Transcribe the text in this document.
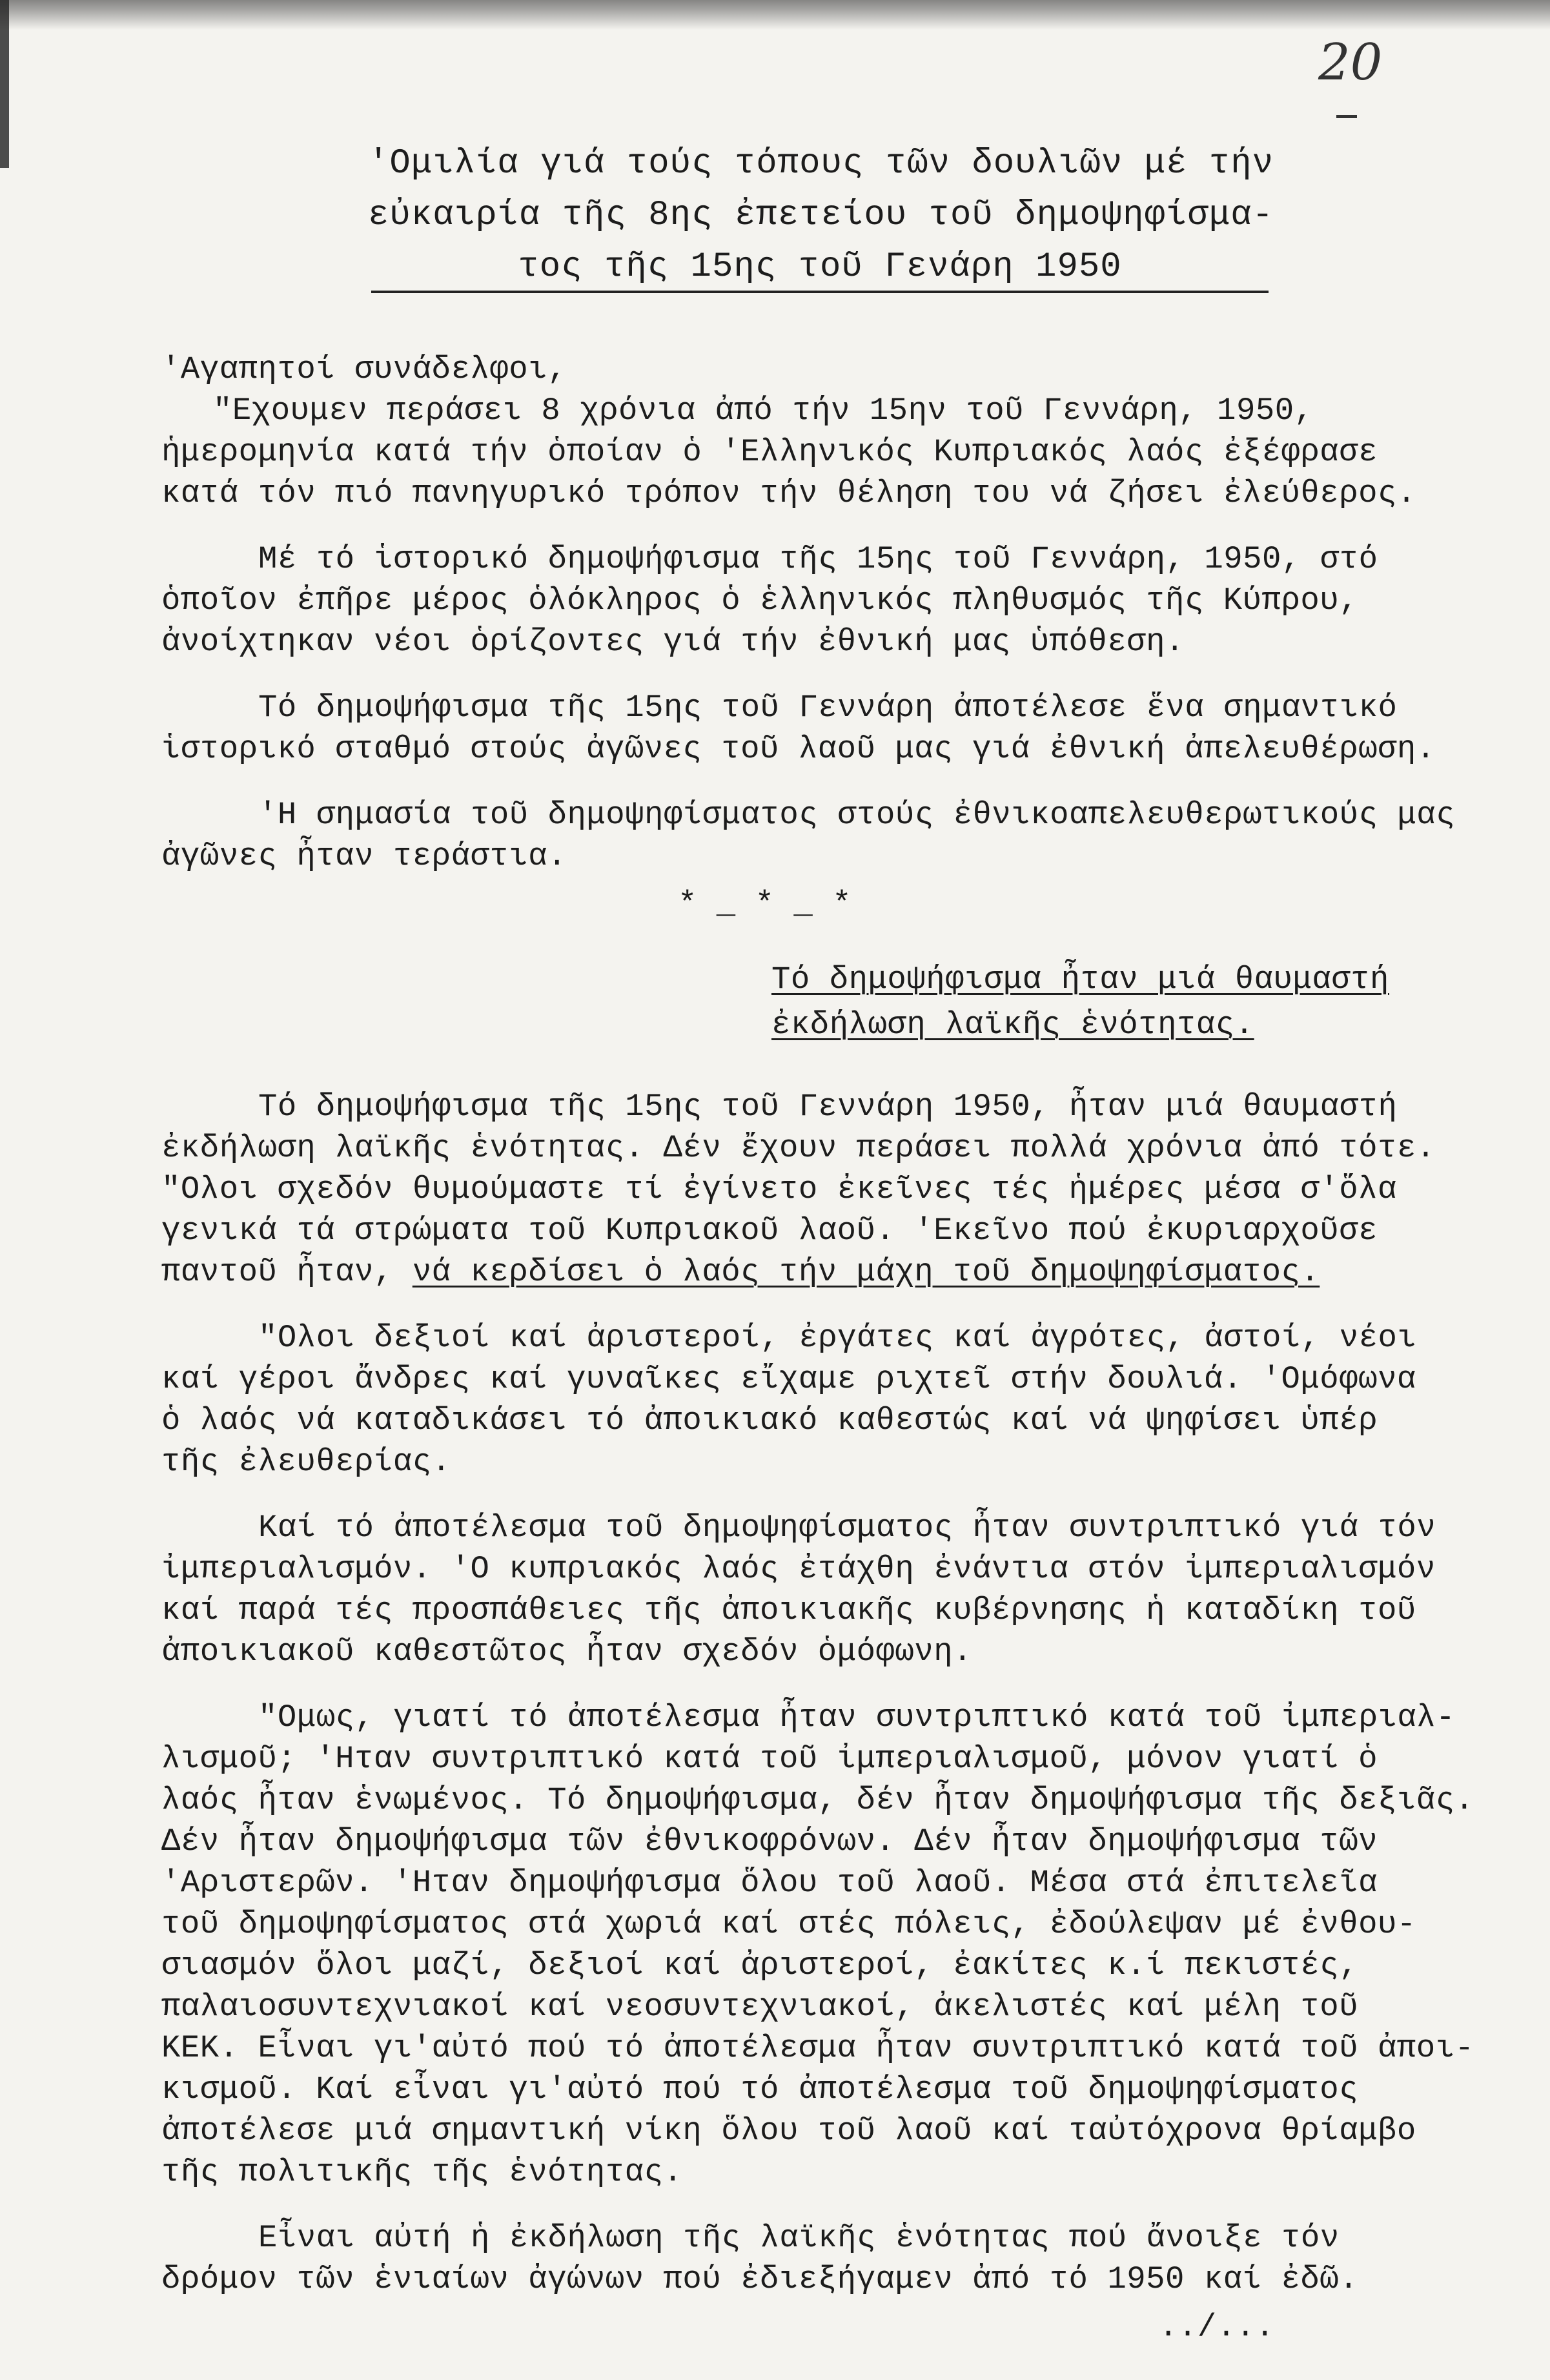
20
'Ομιλία γιά τούς τόπους τῶν δουλιῶν μέ τήν
εὐκαιρία τῆς 8ης ἐπετείου τοῦ δημοψηφίσμα-
τος τῆς 15ης τοῦ Γενάρη 1950
'Αγαπητοί συνάδελφοι,
"Εχουμεν περάσει 8 χρόνια ἀπό τήν 15ην τοῦ Γεννάρη, 1950,
ἡμερομηνία κατά τήν ὁποίαν ὁ 'Ελληνικός Κυπριακός λαός ἐξέφρασε
κατά τόν πιό πανηγυρικό τρόπον τήν θέληση του νά ζήσει ἐλεύθερος.
Μέ τό ἱστορικό δημοψήφισμα τῆς 15ης τοῦ Γεννάρη, 1950, στό
ὁποῖον ἐπῆρε μέρος ὁλόκληρος ὁ ἑλληνικός πληθυσμός τῆς Κύπρου,
ἀνοίχτηκαν νέοι ὁρίζοντες γιά τήν ἐθνική μας ὑπόθεση.
Τό δημοψήφισμα τῆς 15ης τοῦ Γεννάρη ἀποτέλεσε ἕνα σημαντικό
ἱστορικό σταθμό στούς ἀγῶνες τοῦ λαοῦ μας γιά ἐθνική ἀπελευθέρωση.
'Η σημασία τοῦ δημοψηφίσματος στούς ἐθνικοαπελευθερωτικούς μας
ἀγῶνες ἦταν τεράστια.
* _ * _ *
Τό δημοψήφισμα ἦταν μιά θαυμαστή
ἐκδήλωση λαϊκῆς ἑνότητας.
Τό δημοψήφισμα τῆς 15ης τοῦ Γεννάρη 1950, ἦταν μιά θαυμαστή
ἐκδήλωση λαϊκῆς ἑνότητας. Δέν ἔχουν περάσει πολλά χρόνια ἀπό τότε.
"Ολοι σχεδόν θυμούμαστε τί ἐγίνετο ἐκεῖνες τές ἡμέρες μέσα σ'ὅλα
γενικά τά στρώματα τοῦ Κυπριακοῦ λαοῦ. 'Εκεῖνο πού ἐκυριαρχοῦσε
παντοῦ ἦταν, νά κερδίσει ὁ λαός τήν μάχη τοῦ δημοψηφίσματος.
"Ολοι δεξιοί καί ἀριστεροί, ἐργάτες καί ἀγρότες, ἀστοί, νέοι
καί γέροι ἄνδρες καί γυναῖκες εἴχαμε ριχτεῖ στήν δουλιά. 'Ομόφωνα
ὁ λαός νά καταδικάσει τό ἀποικιακό καθεστώς καί νά ψηφίσει ὑπέρ
τῆς ἐλευθερίας.
Καί τό ἀποτέλεσμα τοῦ δημοψηφίσματος ἦταν συντριπτικό γιά τόν
ἰμπεριαλισμόν. 'Ο κυπριακός λαός ἐτάχθη ἐνάντια στόν ἰμπεριαλισμόν
καί παρά τές προσπάθειες τῆς ἀποικιακῆς κυβέρνησης ἡ καταδίκη τοῦ
ἀποικιακοῦ καθεστῶτος ἦταν σχεδόν ὁμόφωνη.
"Ομως, γιατί τό ἀποτέλεσμα ἦταν συντριπτικό κατά τοῦ ἰμπεριαλ-
λισμοῦ; 'Ηταν συντριπτικό κατά τοῦ ἰμπεριαλισμοῦ, μόνον γιατί ὁ
λαός ἦταν ἑνωμένος. Τό δημοψήφισμα, δέν ἦταν δημοψήφισμα τῆς δεξιᾶς.
Δέν ἦταν δημοψήφισμα τῶν ἐθνικοφρόνων. Δέν ἦταν δημοψήφισμα τῶν
'Αριστερῶν. 'Ηταν δημοψήφισμα ὅλου τοῦ λαοῦ. Μέσα στά ἐπιτελεῖα
τοῦ δημοψηφίσματος στά χωριά καί στές πόλεις, ἐδούλεψαν μέ ἐνθου-
σιασμόν ὅλοι μαζί, δεξιοί καί ἀριστεροί, ἐακίτες κ.ί πεκιστές,
παλαιοσυντεχνιακοί καί νεοσυντεχνιακοί, ἀκελιστές καί μέλη τοῦ
ΚΕΚ. Εἶναι γι'αὐτό πού τό ἀποτέλεσμα ἦταν συντριπτικό κατά τοῦ ἀποι-
κισμοῦ. Καί εἶναι γι'αὐτό πού τό ἀποτέλεσμα τοῦ δημοψηφίσματος
ἀποτέλεσε μιά σημαντική νίκη ὅλου τοῦ λαοῦ καί ταὐτόχρονα θρίαμβο
τῆς πολιτικῆς τῆς ἑνότητας.
Εἶναι αὐτή ἡ ἐκδήλωση τῆς λαϊκῆς ἑνότητας πού ἄνοιξε τόν
δρόμον τῶν ἑνιαίων ἀγώνων πού ἐδιεξήγαμεν ἀπό τό 1950 καί ἐδῶ.
../...
